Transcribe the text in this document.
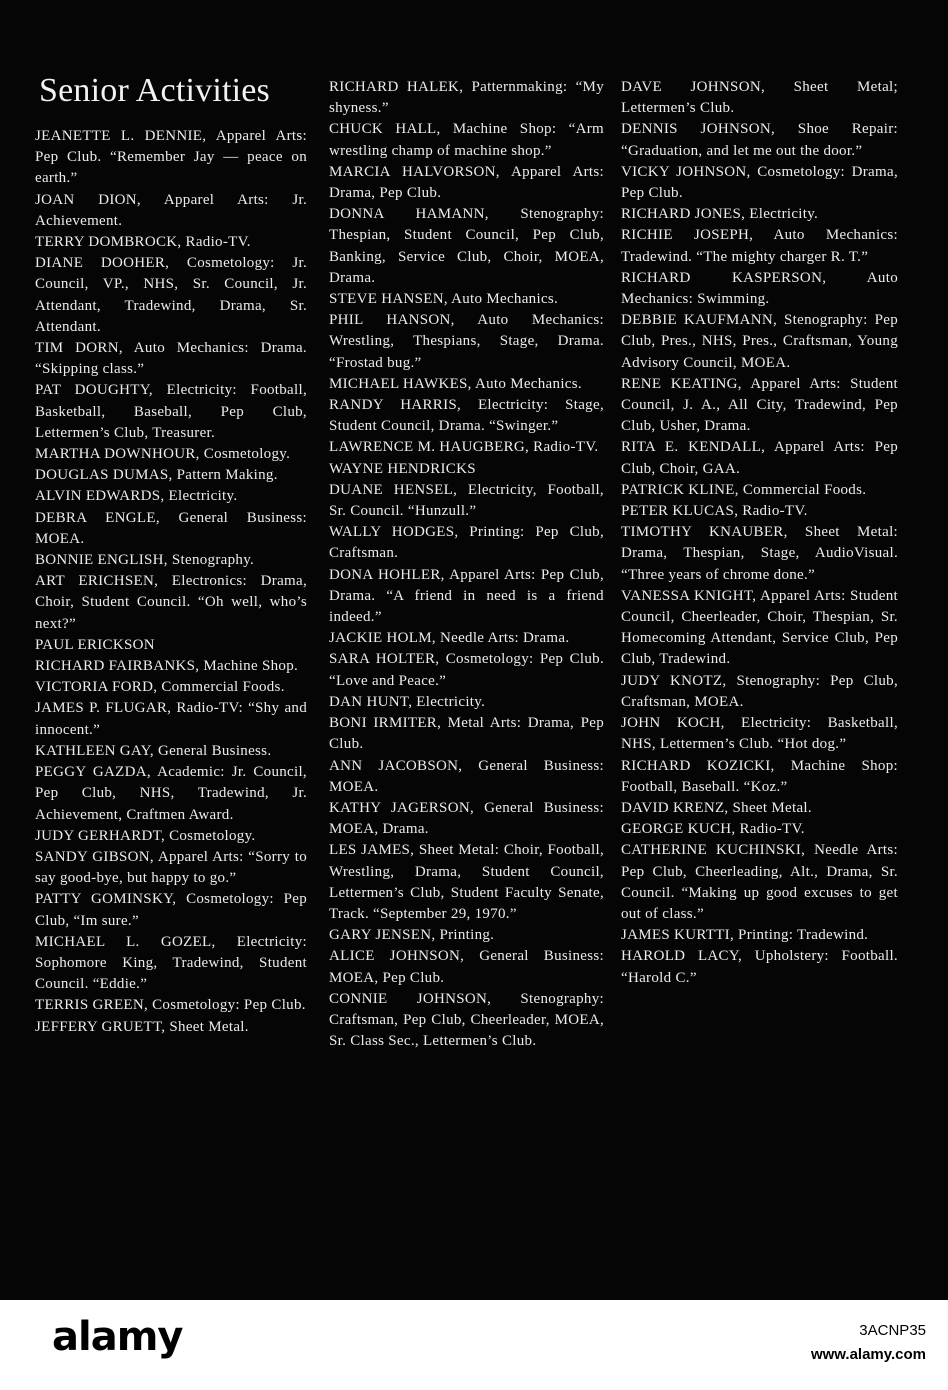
Senior Activities

JEANETTE L. DENNIE, Apparel Arts: Pep Club. “Remember Jay — peace on earth.”

JOAN DION, Apparel Arts: Jr. Achievement.

TERRY DOMBROCK, Radio-TV.

DIANE DOOHER, Cosmetology: Jr. Council, VP., NHS, Sr. Council, Jr. Attendant, Tradewind, Drama, Sr. Attendant.

TIM DORN, Auto Mechanics: Drama. “Skipping class.”

PAT DOUGHTY, Electricity: Football, Basketball, Baseball, Pep Club, Lettermen’s Club, Treasurer.

MARTHA DOWNHOUR, Cosmetology.

DOUGLAS DUMAS, Pattern Making.

ALVIN EDWARDS, Electricity.

DEBRA ENGLE, General Business: MOEA.

BONNIE ENGLISH, Stenography.

ART ERICHSEN, Electronics: Drama, Choir, Student Council. “Oh well, who’s next?”

PAUL ERICKSON

RICHARD FAIRBANKS, Machine Shop.

VICTORIA FORD, Commercial Foods.

JAMES P. FLUGAR, Radio-TV: “Shy and innocent.”

KATHLEEN GAY, General Business.

PEGGY GAZDA, Academic: Jr. Council, Pep Club, NHS, Tradewind, Jr. Achievement, Craftmen Award.

JUDY GERHARDT, Cosmetology.

SANDY GIBSON, Apparel Arts: “Sorry to say good-bye, but happy to go.”

PATTY GOMINSKY, Cosmetology: Pep Club, “Im sure.”

MICHAEL L. GOZEL, Electricity: Sophomore King, Tradewind, Student Council. “Eddie.”

TERRIS GREEN, Cosmetology: Pep Club.

JEFFERY GRUETT, Sheet Metal.

RICHARD HALEK, Patternmaking: “My shyness.”

CHUCK HALL, Machine Shop: “Arm wrestling champ of machine shop.”

MARCIA HALVORSON, Apparel Arts: Drama, Pep Club.

DONNA HAMANN, Stenography: Thespian, Student Council, Pep Club, Banking, Service Club, Choir, MOEA, Drama.

STEVE HANSEN, Auto Mechanics.

PHIL HANSON, Auto Mechanics: Wrestling, Thespians, Stage, Drama. “Frostad bug.”

MICHAEL HAWKES, Auto Mechanics.

RANDY HARRIS, Electricity: Stage, Student Council, Drama. “Swinger.”

LAWRENCE M. HAUGBERG, Radio-TV.

WAYNE HENDRICKS

DUANE HENSEL, Electricity, Football, Sr. Council. “Hunzull.”

WALLY HODGES, Printing: Pep Club, Craftsman.

DONA HOHLER, Apparel Arts: Pep Club, Drama. “A friend in need is a friend indeed.”

JACKIE HOLM, Needle Arts: Drama.

SARA HOLTER, Cosmetology: Pep Club. “Love and Peace.”

DAN HUNT, Electricity.

BONI IRMITER, Metal Arts: Drama, Pep Club.

ANN JACOBSON, General Business: MOEA.

KATHY JAGERSON, General Business: MOEA, Drama.

LES JAMES, Sheet Metal: Choir, Football, Wrestling, Drama, Student Council, Lettermen’s Club, Student Faculty Senate, Track. “September 29, 1970.”

GARY JENSEN, Printing.

ALICE JOHNSON, General Business: MOEA, Pep Club.

CONNIE JOHNSON, Stenography: Craftsman, Pep Club, Cheerleader, MOEA, Sr. Class Sec., Lettermen’s Club.

DAVE JOHNSON, Sheet Metal; Lettermen’s Club.

DENNIS JOHNSON, Shoe Repair: “Graduation, and let me out the door.”

VICKY JOHNSON, Cosmetology: Drama, Pep Club.

RICHARD JONES, Electricity.

RICHIE JOSEPH, Auto Mechanics: Tradewind. “The mighty charger R. T.”

RICHARD KASPERSON, Auto Mechanics: Swimming.

DEBBIE KAUFMANN, Stenography: Pep Club, Pres., NHS, Pres., Craftsman, Young Advisory Council, MOEA.

RENE KEATING, Apparel Arts: Student Council, J. A., All City, Tradewind, Pep Club, Usher, Drama.

RITA E. KENDALL, Apparel Arts: Pep Club, Choir, GAA.

PATRICK KLINE, Commercial Foods.

PETER KLUCAS, Radio-TV.

TIMOTHY KNAUBER, Sheet Metal: Drama, Thespian, Stage, AudioVisual. “Three years of chrome done.”

VANESSA KNIGHT, Apparel Arts: Student Council, Cheerleader, Choir, Thespian, Sr. Homecoming Attendant, Service Club, Pep Club, Tradewind.

JUDY KNOTZ, Stenography: Pep Club, Craftsman, MOEA.

JOHN KOCH, Electricity: Basketball, NHS, Lettermen’s Club. “Hot dog.”

RICHARD KOZICKI, Machine Shop: Football, Baseball. “Koz.”

DAVID KRENZ, Sheet Metal.

GEORGE KUCH, Radio-TV.

CATHERINE KUCHINSKI, Needle Arts: Pep Club, Cheerleading, Alt., Drama, Sr. Council. “Making up good excuses to get out of class.”

JAMES KURTTI, Printing: Tradewind.

HAROLD LACY, Upholstery: Football. “Harold C.”

alamy	3ACNP35
www.alamy.com
